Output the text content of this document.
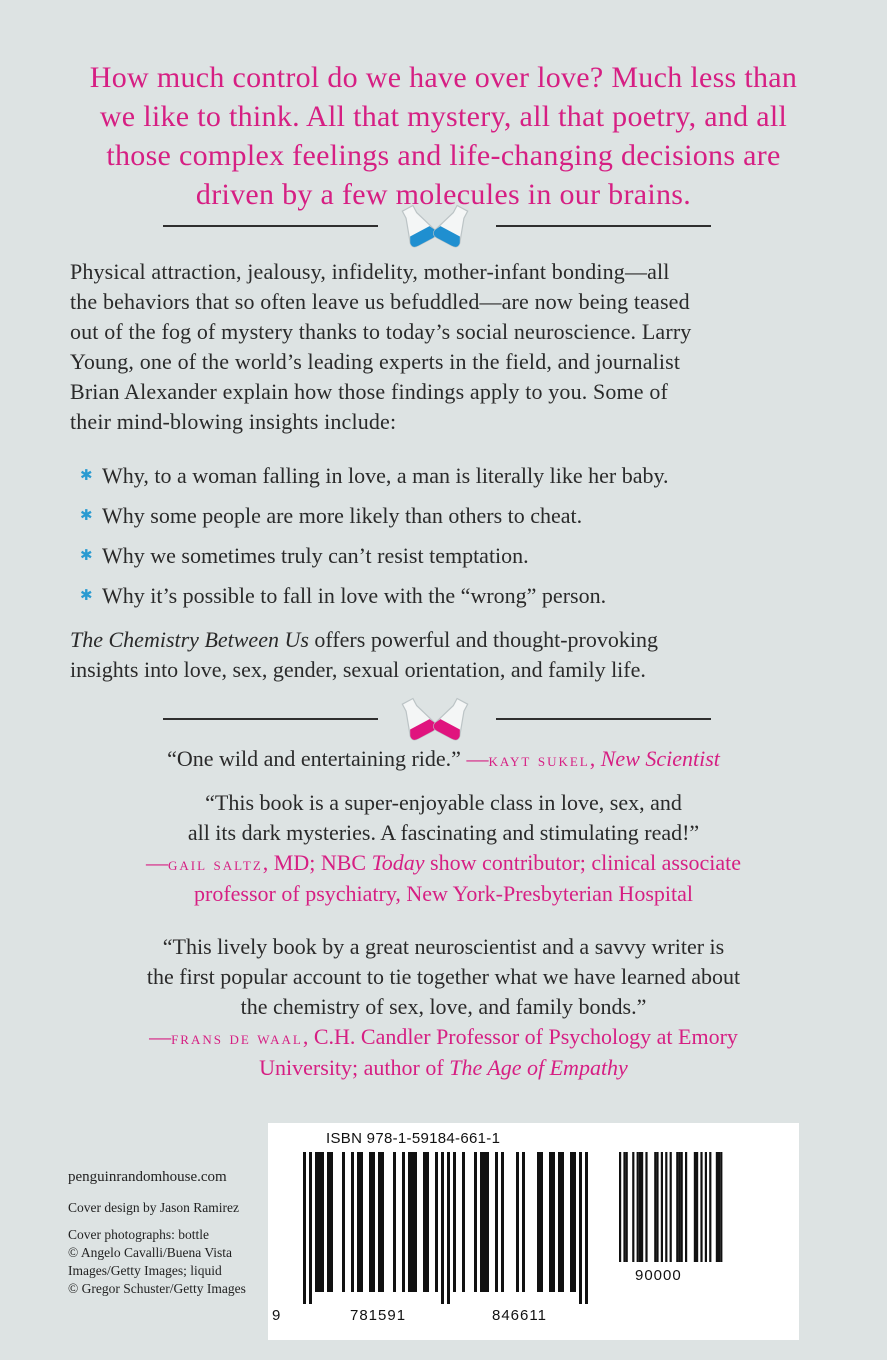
How much control do we have over love? Much less than
we like to think. All that mystery, all that poetry, and all
those complex feelings and life-changing decisions are
driven by a few molecules in our brains.

Physical attraction, jealousy, infidelity, mother-infant bonding—all

the behaviors that so often leave us befuddled—are now being teased

out of the fog of mystery thanks to today’s social neuroscience. Larry

Young, one of the world’s leading experts in the field, and journalist

Brian Alexander explain how those findings apply to you. Some of

their mind-blowing insights include:

✱ Why, to a woman falling in love, a man is literally like her baby.
✱ Why some people are more likely than others to cheat.
✱ Why we sometimes truly can’t resist temptation.
✱ Why it’s possible to fall in love with the “wrong” person.
The Chemistry Between Us offers powerful and thought-provoking
insights into love, sex, gender, sexual orientation, and family life.
“One wild and entertaining ride.” —kayt sukel, New Scientist
“This book is a super-enjoyable class in love, sex, and
all its dark mysteries. A fascinating and stimulating read!”
—gail saltz, MD; NBC Today show contributor; clinical associate
professor of psychiatry, New York-Presbyterian Hospital
“This lively book by a great neuroscientist and a savvy writer is
the first popular account to tie together what we have learned about
the chemistry of sex, love, and family bonds.”
—frans de waal, C.H. Candler Professor of Psychology at Emory
University; author of The Age of Empathy
penguinrandomhouse.com
Cover design by Jason Ramirez
Cover photographs: bottle
© Angelo Cavalli/Buena Vista
Images/Getty Images; liquid
© Gregor Schuster/Getty Images
ISBN 978-1-59184-661-1
9	781591	846611
90000
